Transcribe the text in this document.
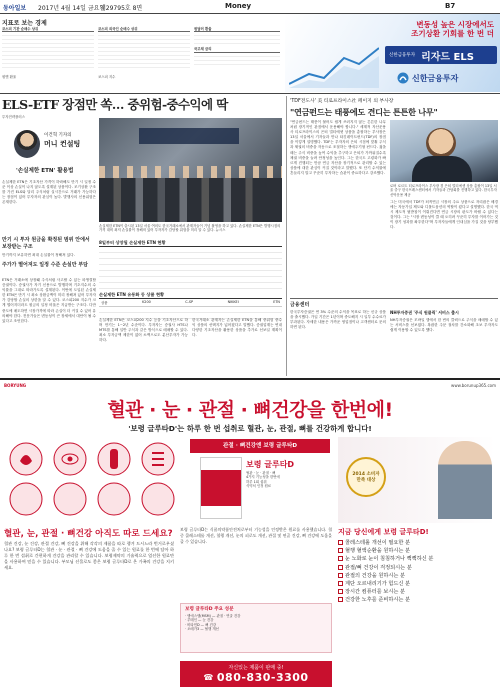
동아일보 2017년 4월 14일 금요일
제29795호 8면	Money	B7
지표로 보는 경제
코스피 기관 순매수 상위	코스피 외국인 순매수 상위	원달러 환율
국고채 금리
원엔 환율	코스피 지수
변동성 높은 시장에서도
조기상환 기회를 한 번 더
신한금융투자 리자드 ELS
신한금융투자
ELS-ETF 장점만 쏙… 중위험-중수익에 딱
투자전략플러스
이건혁 기자의
머니 컨설팅
'손실제한 ETN' 활용법
손실제한 ETN은 기초자산 가격이 하락해도 만기 시 일정 수준 이상 손실이 나지 않도록 설계된 상품이다. 조기상환 구조를 가진 ELS와 달리 주식처럼 실시간으로 거래가 가능하다는 장점이 있어 투자자의 관심이 높다. 발행사의 신용위험은 존재한다.
만기 시 투자 원금을 확정된 범위 안에서 보장받는 구조
만기까지 보유하면 최대 손실률이 정해져 있다.
주가가 떨어져도 일정 수준 손실만 부담
ETN은 거래소에 상장돼 주식처럼 사고팔 수 있는 파생결합증권이다. 증권사가 자기 신용으로 발행하며 기초지수의 수익률을 그대로 따라가도록 설계된다. 이번에 도입된 손실제한 ETN은 만기 시 최소 상환금액이 미리 정해져 있어 투자자가 감당할 손실의 상한을 알 수 있다. 코스피200 지수가 크게 떨어지더라도 원금의 일정 비율은 지급받는 구조다. 다만 중도에 매도하면 시장가격에 따라 손실이 더 커질 수 있어 유의해야 한다. 전문가들은 변동성이 큰 장세에서 대안이 될 수 있다고 조언한다.
손실제한 ETN이 출시된 13일 서울 여의도 한국거래소에서 관계자들이 기념 촬영을 하고 있다. 손실제한 ETN은 발행시점의 가격 대비 최저 손실률이 정해져 있어 투자자가 감당할 위험을 미리 알 수 있다. 뉴시스
8일부터 상장될 손실제한 ETN 현황
손실제한 ETN 유동화 등 상품 현황
상품	K200	C-SP	NIKKEI	ETN
손실제한 ETN은 코스피200 지수 등을 기초자산으로 하며 만기는 1~2년 수준이다. 투자자는 증권사 HTS나 MTS를 통해 일반 주식과 같은 방식으로 매매할 수 있다. 최소 투자금액 제한이 없어 소액으로도 분산투자가 가능하다.
한국거래소 관계자는 손실제한 ETN을 통해 중위험 중수익 상품의 선택지가 넓어졌다고 말했다. 증권업계는 연내 다양한 기초자산을 활용한 상품을 추가로 선보일 계획이다.
'TDF전도사' 美 티로프라이스社 페이지 의 부사장
"연금펀드는 태풍에도 견디는 튼튼한 나무"
"연금펀드는 태풍이 불어도 쉽게 쓰러지지 않는 튼튼한 나무처럼 장기적인 관점에서 운용해야 합니다." 세계적 자산운용사 티로프라이스의 은퇴 멀티에셋 상품을 총괄하는 부사장은 13일 서울에서 기자들과 만나 타깃데이트펀드(TDF)의 장점을 이렇게 설명했다. TDF는 투자자의 은퇴 시점에 맞춰 주식과 채권의 비중을 자동으로 조절하는 생애주기형 펀드다. 젊을 때는 주식 비중을 높여 수익을 추구하고 은퇴가 가까워질수록 채권 비중을 늘려 안정성을 높인다. 그는 한국도 고령화가 빠르게 진행되는 만큼 연금 자산을 장기적으로 관리할 수 있는 상품에 대한 관심이 커질 것이라고 말했다. 또 단기 수익률에 흔들리지 말고 꾸준히 투자하는 습관이 중요하다고 강조했다.
로버 로르트 티로프라이스 부사장 겸 은퇴 멀티에셋 상품 총괄이 13일 서울 중구 한국프레스센터에서 기자들과 간담회를 진행하고 있다. 한국투자신탁운용 제공
그는 미국에서 TDF가 퇴직연금 시장의 주요 상품으로 자리잡은 배경에는 자동가입 제도와 디폴트옵션의 역할이 컸다고 설명했다. 한국 역시 제도적 뒷받침이 이뤄진다면 연금 시장의 판도가 바뀔 수 있다는 것이다. 그는 "시장 변동성이 클 때 오히려 꾸준히 투자를 이어가는 것이 장기 성과를 좌우한다"며 투자자들에게 인내심을 가질 것을 당부했다.
금융센터
한국투자증권은 연 3% 수준의 수익을 목표로 하는 신규 상품을 출시했다. 가입 기간은 1년이며 중도해지 시 일부 수수료가 부과된다. 자세한 내용은 가까운 영업점이나 고객센터로 문의하면 된다.
NH투자증권 '주식 원클릭' 서비스 출시
NH투자증권은 모바일 앱에서 한 번의 클릭으로 주식을 매매할 수 있는 서비스를 선보였다. 복잡한 주문 절차를 간소화해 초보 투자자도 쉽게 이용할 수 있도록 했다.
BORYUNG	www.borunup365.com
혈관 · 눈 · 관절 · 뼈건강을 한번에!
'보령 글루타D'는 하루 한 번 섭취로 혈관, 눈, 관절, 뼈를 건강하게 합니다!
관절 · 뼈건강엔 보령 글루타D
보령 글루타D
혈관 · 눈 · 관절 · 뼈
4가지 기능성을 한번에
하루 1회 섭취
식약처 인정 원료
2014 소비자만족 대상
혈관, 눈, 관절 · 뼈건강 아직도 따로 드세요?
혈관 건강, 눈 건강, 관절 건강, 뼈 건강을 위해 각각의 제품을 따로 챙겨 드시느라 번거로우셨나요? 보령 글루타D는 혈관 · 눈 · 관절 · 뼈 건강에 도움을 줄 수 있는 원료를 한 번에 담아 하루 한 번 섭취로 간편하게 건강을 관리할 수 있습니다. 보령제약의 기술력으로 엄선한 원료만을 사용하여 믿을 수 있습니다. 부모님 선물로도 좋은 보령 글루타D로 온 가족의 건강을 지키세요.
보령 글루타D는 식품의약품안전처로부터 기능성을 인정받은 원료를 사용했습니다. 혈중 콜레스테롤 개선, 혈행 개선, 눈의 피로도 개선, 관절 및 연골 건강, 뼈 건강에 도움을 줄 수 있습니다.
보령 글루타D 주요 성분
· 엠에스엠(MSM) — 관절 · 연골 건강
· 루테인 — 눈 건강
· 비타민D — 뼈 건강
· 오메가3 — 혈행 개선
지금 당신에게 보령 글루타D!
콜레스테롤 개선이 필요한 분
혈행 혈액순환을 원하시는 분
눈 노화로 눈이 침침하거나 뻑뻑하신 분
관절/뼈 건강이 걱정되시는 분
관절의 건강을 원하시는 분
계단 오르내리기가 힘드신 분
장시간 컴퓨터를 보시는 분
건강한 노후를 준비하시는 분
자신있는 제품이 판매 중!
☎ 080-830-3300
